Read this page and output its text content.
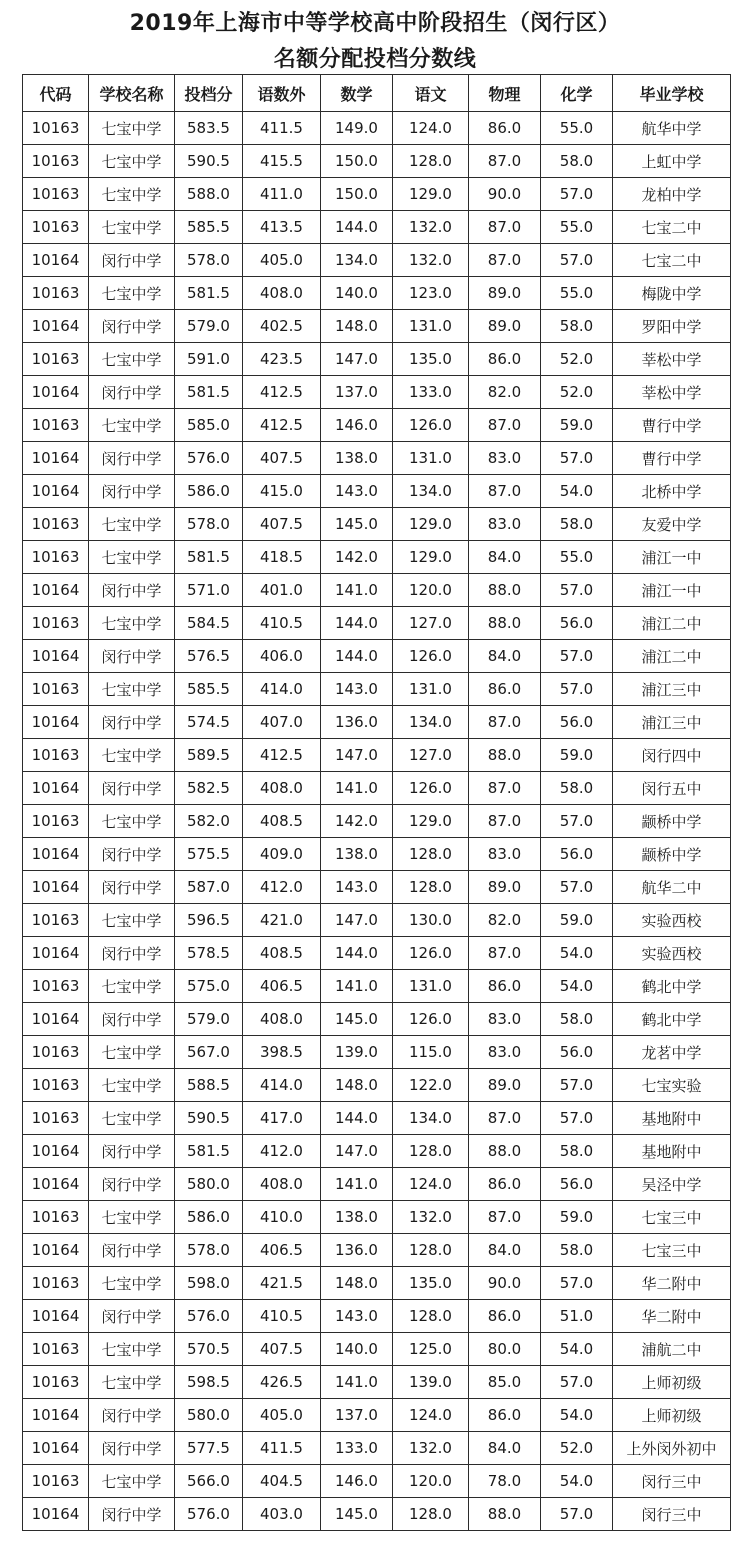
2019年上海市中等学校高中阶段招生（闵行区）
名额分配投档分数线
代码	学校名称	投档分	语数外	数学	语文	物理	化学	毕业学校
10163	七宝中学	583.5	411.5	149.0	124.0	86.0	55.0	航华中学
10163	七宝中学	590.5	415.5	150.0	128.0	87.0	58.0	上虹中学
10163	七宝中学	588.0	411.0	150.0	129.0	90.0	57.0	龙柏中学
10163	七宝中学	585.5	413.5	144.0	132.0	87.0	55.0	七宝二中
10164	闵行中学	578.0	405.0	134.0	132.0	87.0	57.0	七宝二中
10163	七宝中学	581.5	408.0	140.0	123.0	89.0	55.0	梅陇中学
10164	闵行中学	579.0	402.5	148.0	131.0	89.0	58.0	罗阳中学
10163	七宝中学	591.0	423.5	147.0	135.0	86.0	52.0	莘松中学
10164	闵行中学	581.5	412.5	137.0	133.0	82.0	52.0	莘松中学
10163	七宝中学	585.0	412.5	146.0	126.0	87.0	59.0	曹行中学
10164	闵行中学	576.0	407.5	138.0	131.0	83.0	57.0	曹行中学
10164	闵行中学	586.0	415.0	143.0	134.0	87.0	54.0	北桥中学
10163	七宝中学	578.0	407.5	145.0	129.0	83.0	58.0	友爱中学
10163	七宝中学	581.5	418.5	142.0	129.0	84.0	55.0	浦江一中
10164	闵行中学	571.0	401.0	141.0	120.0	88.0	57.0	浦江一中
10163	七宝中学	584.5	410.5	144.0	127.0	88.0	56.0	浦江二中
10164	闵行中学	576.5	406.0	144.0	126.0	84.0	57.0	浦江二中
10163	七宝中学	585.5	414.0	143.0	131.0	86.0	57.0	浦江三中
10164	闵行中学	574.5	407.0	136.0	134.0	87.0	56.0	浦江三中
10163	七宝中学	589.5	412.5	147.0	127.0	88.0	59.0	闵行四中
10164	闵行中学	582.5	408.0	141.0	126.0	87.0	58.0	闵行五中
10163	七宝中学	582.0	408.5	142.0	129.0	87.0	57.0	颛桥中学
10164	闵行中学	575.5	409.0	138.0	128.0	83.0	56.0	颛桥中学
10164	闵行中学	587.0	412.0	143.0	128.0	89.0	57.0	航华二中
10163	七宝中学	596.5	421.0	147.0	130.0	82.0	59.0	实验西校
10164	闵行中学	578.5	408.5	144.0	126.0	87.0	54.0	实验西校
10163	七宝中学	575.0	406.5	141.0	131.0	86.0	54.0	鹤北中学
10164	闵行中学	579.0	408.0	145.0	126.0	83.0	58.0	鹤北中学
10163	七宝中学	567.0	398.5	139.0	115.0	83.0	56.0	龙茗中学
10163	七宝中学	588.5	414.0	148.0	122.0	89.0	57.0	七宝实验
10163	七宝中学	590.5	417.0	144.0	134.0	87.0	57.0	基地附中
10164	闵行中学	581.5	412.0	147.0	128.0	88.0	58.0	基地附中
10164	闵行中学	580.0	408.0	141.0	124.0	86.0	56.0	吴泾中学
10163	七宝中学	586.0	410.0	138.0	132.0	87.0	59.0	七宝三中
10164	闵行中学	578.0	406.5	136.0	128.0	84.0	58.0	七宝三中
10163	七宝中学	598.0	421.5	148.0	135.0	90.0	57.0	华二附中
10164	闵行中学	576.0	410.5	143.0	128.0	86.0	51.0	华二附中
10163	七宝中学	570.5	407.5	140.0	125.0	80.0	54.0	浦航二中
10163	七宝中学	598.5	426.5	141.0	139.0	85.0	57.0	上师初级
10164	闵行中学	580.0	405.0	137.0	124.0	86.0	54.0	上师初级
10164	闵行中学	577.5	411.5	133.0	132.0	84.0	52.0	上外闵外初中
10163	七宝中学	566.0	404.5	146.0	120.0	78.0	54.0	闵行三中
10164	闵行中学	576.0	403.0	145.0	128.0	88.0	57.0	闵行三中
